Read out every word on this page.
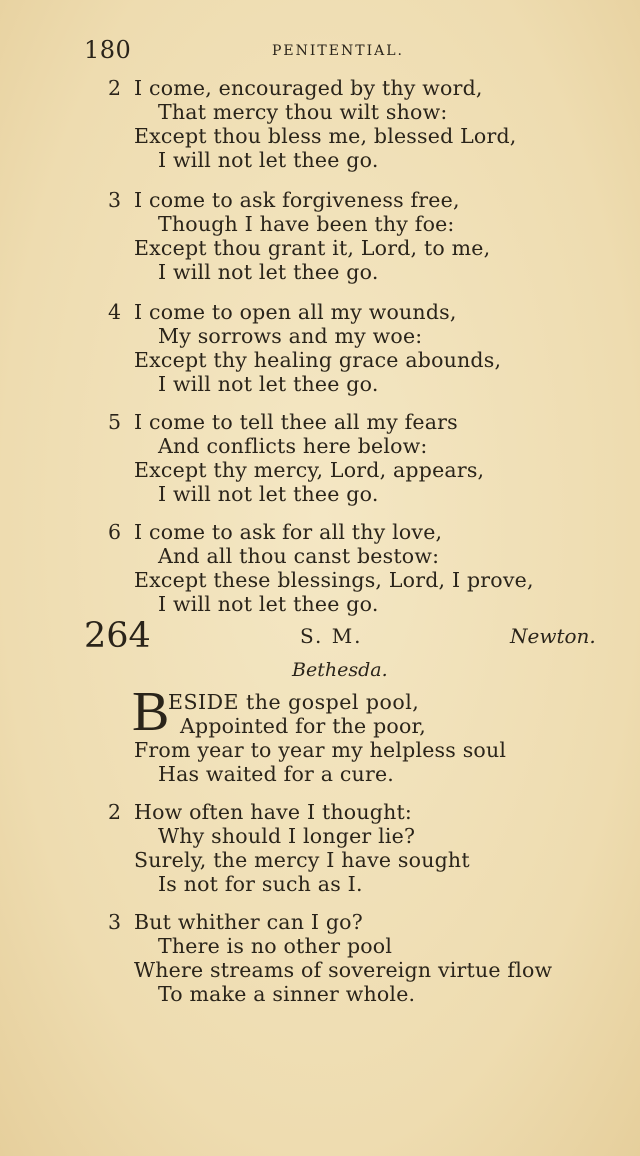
180	PENITENTIAL.
2 I come, encouraged by thy word,
That mercy thou wilt show:
Except thou bless me, blessed Lord,
I will not let thee go.
3 I come to ask forgiveness free,
Though I have been thy foe:
Except thou grant it, Lord, to me,
I will not let thee go.
4 I come to open all my wounds,
My sorrows and my woe:
Except thy healing grace abounds,
I will not let thee go.
5 I come to tell thee all my fears
And conflicts here below:
Except thy mercy, Lord, appears,
I will not let thee go.
6 I come to ask for all thy love,
And all thou canst bestow:
Except these blessings, Lord, I prove,
I will not let thee go.
264	S. M.	Newton.
Bethesda.
B
ESIDE the gospel pool,
Appointed for the poor,
From year to year my helpless soul
Has waited for a cure.
2 How often have I thought:
Why should I longer lie?
Surely, the mercy I have sought
Is not for such as I.
3 But whither can I go?
There is no other pool
Where streams of sovereign virtue flow
To make a sinner whole.
